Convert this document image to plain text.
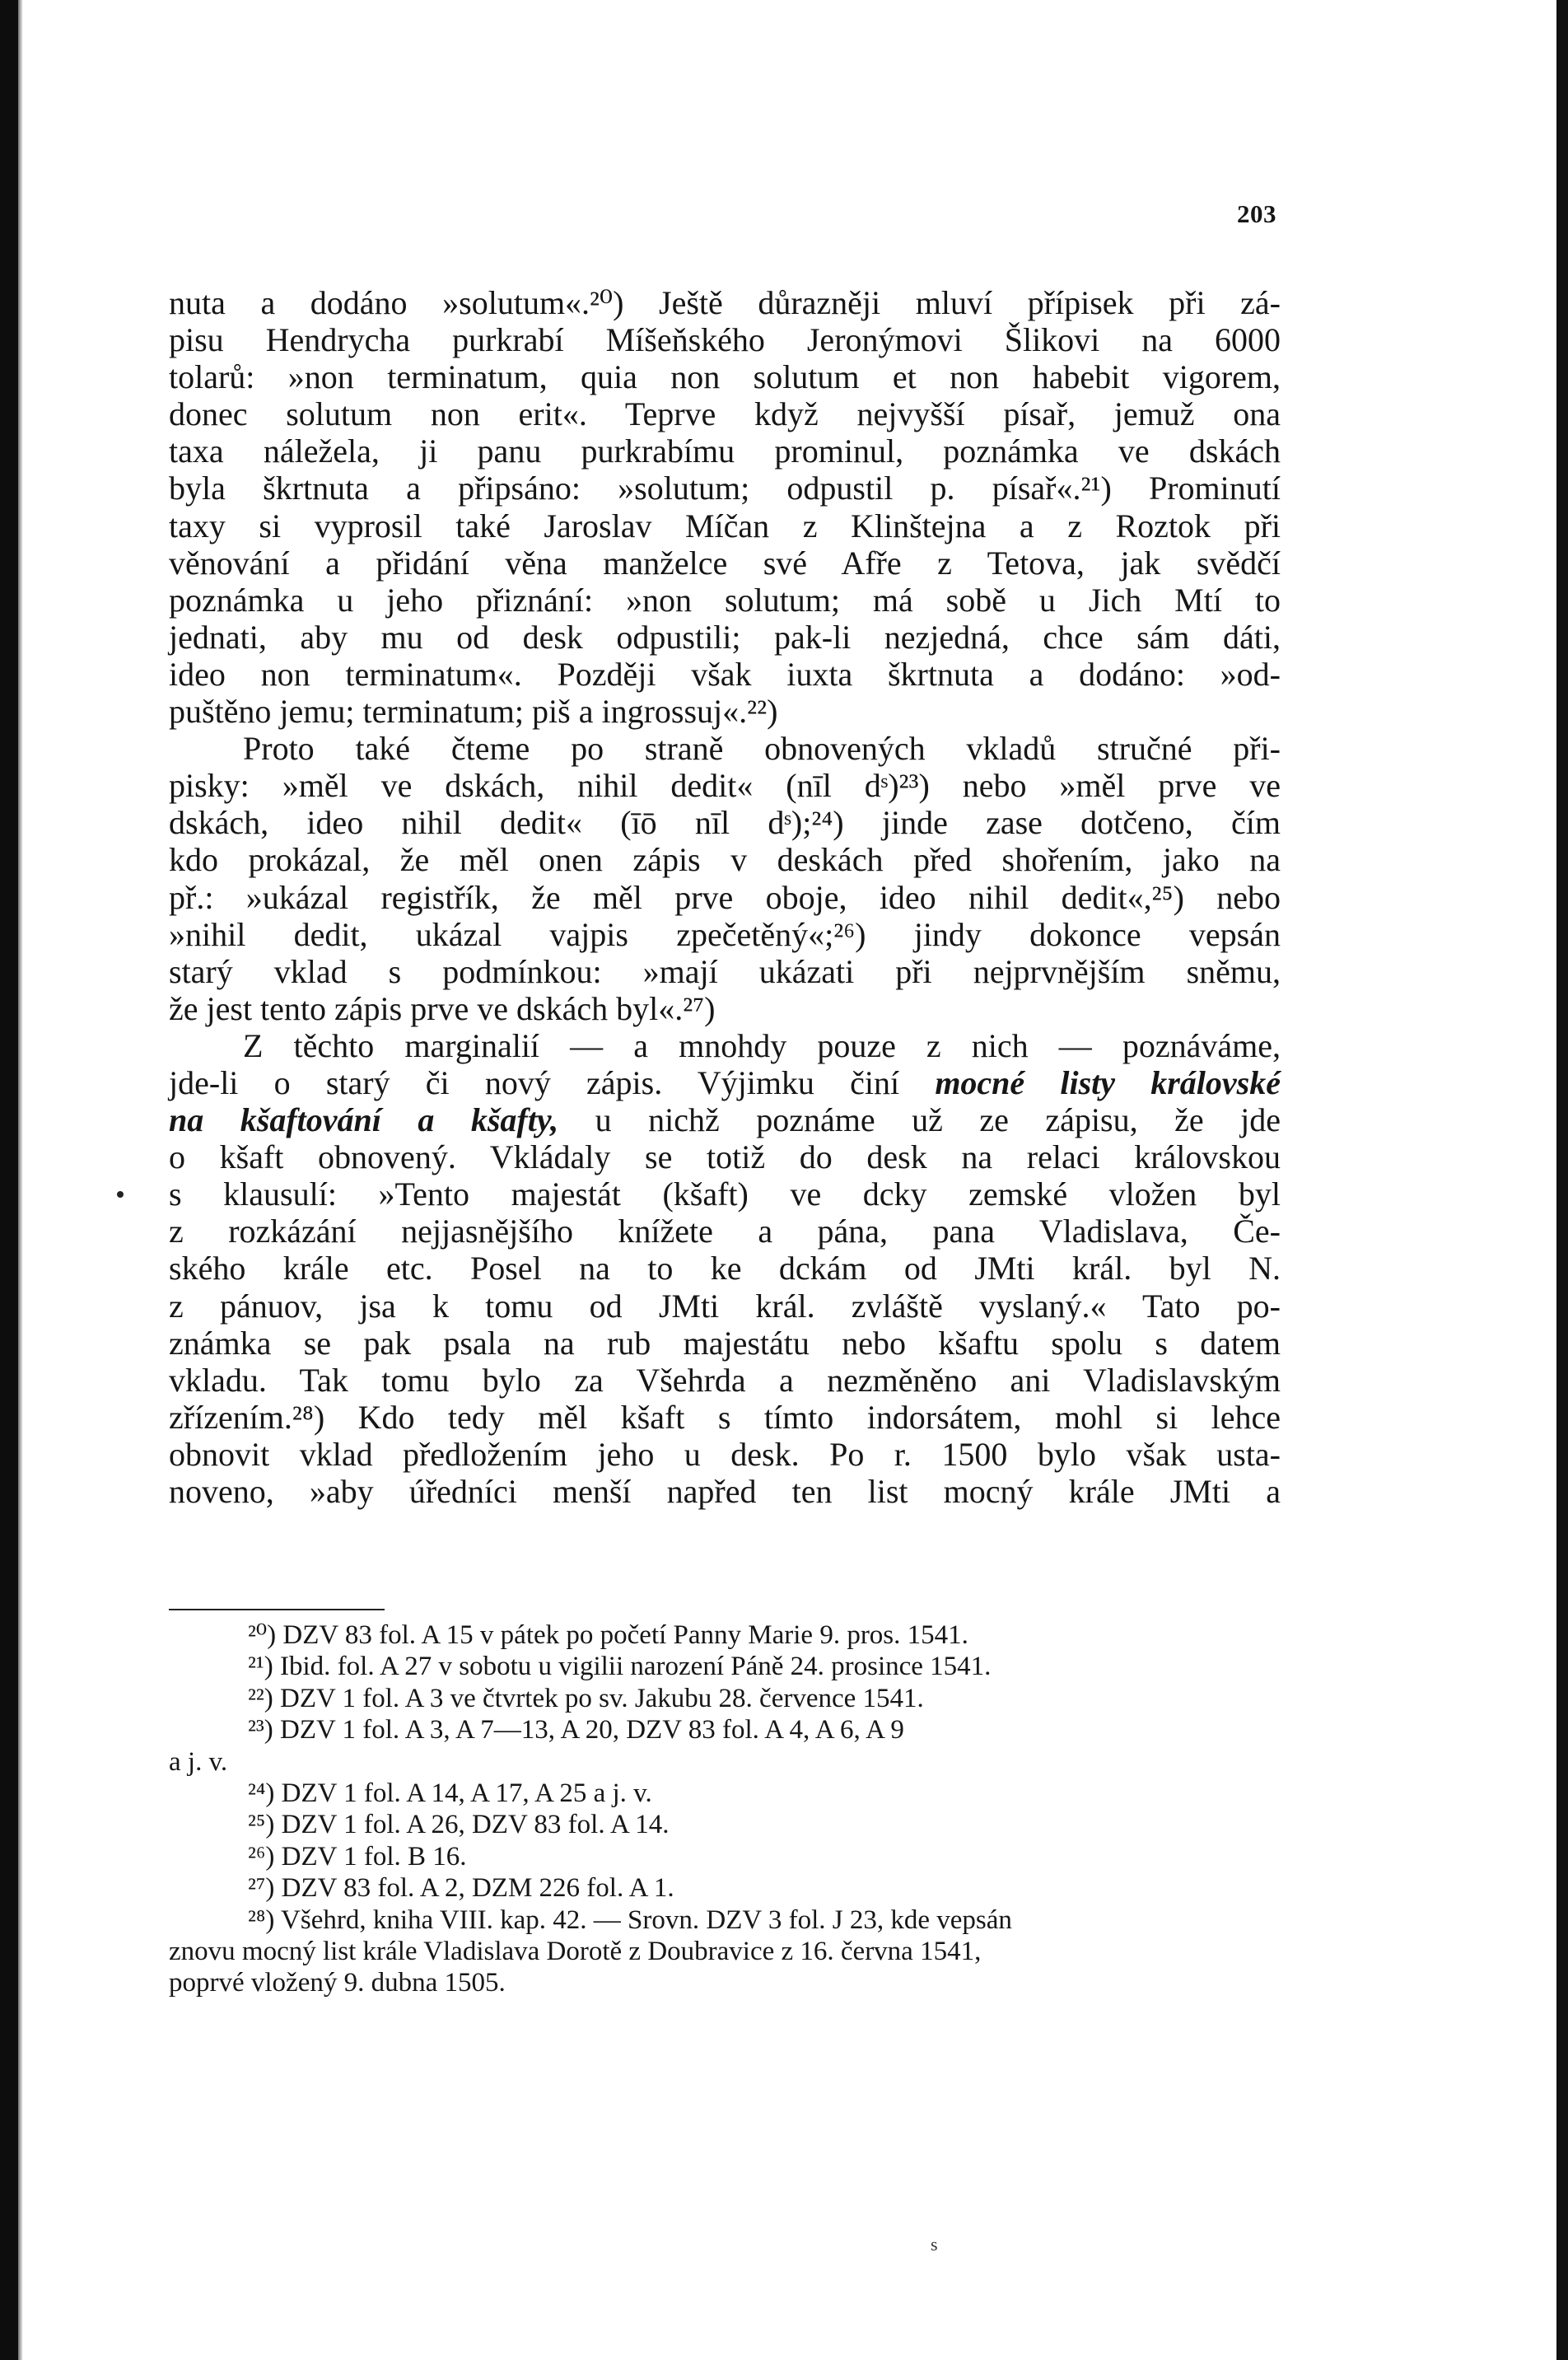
203

nuta a dodáno »solutum«.²⁰) Ještě důrazněji mluví přípisek při zá-

pisu Hendrycha purkrabí Míšeňského Jeronýmovi Šlikovi na 6000

tolarů: »non terminatum, quia non solutum et non habebit vigorem,

donec solutum non erit«. Teprve když nejvyšší písař, jemuž ona

taxa náležela, ji panu purkrabímu prominul, poznámka ve dskách

byla škrtnuta a připsáno: »solutum; odpustil p. písař«.²¹) Prominutí

taxy si vyprosil také Jaroslav Míčan z Klinštejna a z Roztok při

věnování a přidání věna manželce své Afře z Tetova, jak svědčí

poznámka u jeho přiznání: »non solutum; má sobě u Jich Mtí to

jednati, aby mu od desk odpustili; pak-li nezjedná, chce sám dáti,

ideo non terminatum«. Později však iuxta škrtnuta a dodáno: »od-

puštěno jemu; terminatum; piš a ingrossuj«.²²)

Proto také čteme po straně obnovených vkladů stručné při-

pisky: »měl ve dskách, nihil dedit« (nīl dˢ)²³) nebo »měl prve ve

dskách, ideo nihil dedit« (īō nīl dˢ);²⁴) jinde zase dotčeno, čím

kdo prokázal, že měl onen zápis v deskách před shořením, jako na

př.: »ukázal registřík, že měl prve oboje, ideo nihil dedit«,²⁵) nebo

»nihil dedit, ukázal vajpis zpečetěný«;²⁶) jindy dokonce vepsán

starý vklad s podmínkou: »mají ukázati při nejprvnějším sněmu,

že jest tento zápis prve ve dskách byl«.²⁷)

Z těchto marginalií — a mnohdy pouze z nich — poznáváme,

jde-li o starý či nový zápis. Výjimku činí mocné listy královské

na kšaftování a kšafty, u nichž poznáme už ze zápisu, že jde

o kšaft obnovený. Vkládaly se totiž do desk na relaci královskou

s klausulí: »Tento majestát (kšaft) ve dcky zemské vložen byl

z rozkázání nejjasnějšího knížete a pána, pana Vladislava, Če-

ského krále etc. Posel na to ke dckám od JMti král. byl N.

z pánuov, jsa k tomu od JMti král. zvláště vyslaný.« Tato po-

známka se pak psala na rub majestátu nebo kšaftu spolu s datem

vkladu. Tak tomu bylo za Všehrda a nezměněno ani Vladislavským

zřízením.²⁸) Kdo tedy měl kšaft s tímto indorsátem, mohl si lehce

obnovit vklad předložením jeho u desk. Po r. 1500 bylo však usta-

noveno, »aby úředníci menší napřed ten list mocný krále JMti a

²⁰) DZV 83 fol. A 15 v pátek po početí Panny Marie 9. pros. 1541.

²¹) Ibid. fol. A 27 v sobotu u vigilii narození Páně 24. prosince 1541.

²²) DZV 1 fol. A 3 ve čtvrtek po sv. Jakubu 28. července 1541.

²³) DZV 1 fol. A 3, A 7—13, A 20, DZV 83 fol. A 4, A 6, A 9

a j. v.

²⁴) DZV 1 fol. A 14, A 17, A 25 a j. v.

²⁵) DZV 1 fol. A 26, DZV 83 fol. A 14.

²⁶) DZV 1 fol. B 16.

²⁷) DZV 83 fol. A 2, DZM 226 fol. A 1.

²⁸) Všehrd, kniha VIII. kap. 42. — Srovn. DZV 3 fol. J 23, kde vepsán

znovu mocný list krále Vladislava Dorotě z Doubravice z 16. června 1541,

poprvé vložený 9. dubna 1505.

s
